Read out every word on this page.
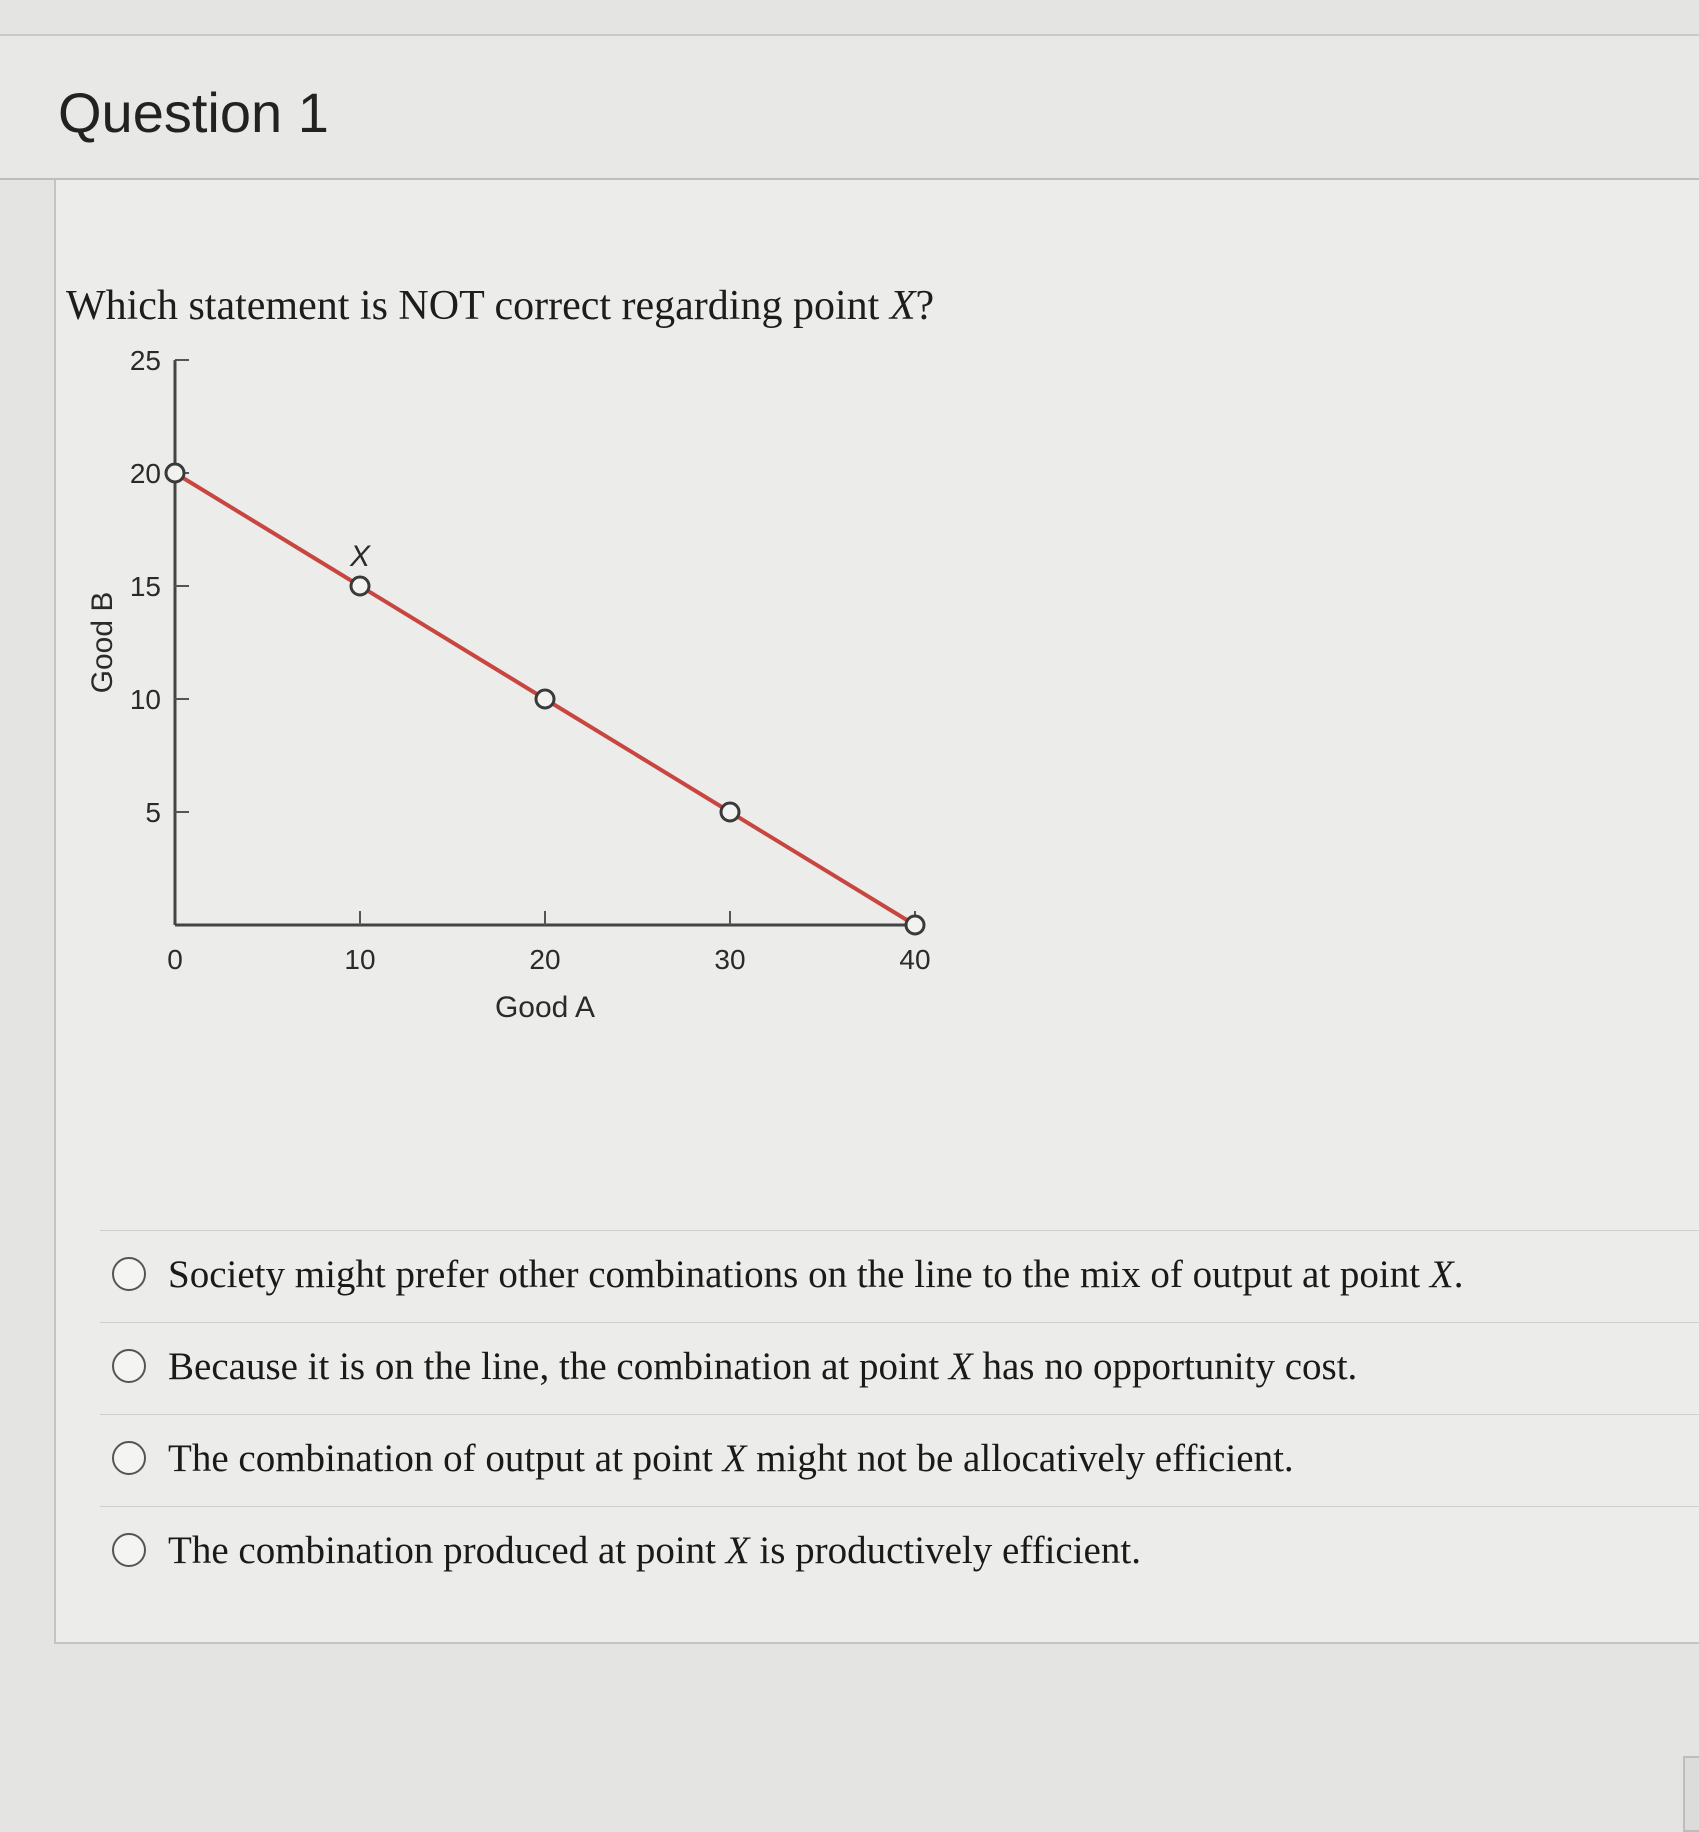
Question 1
Which statement is NOT correct regarding point X?
5
10
15
20
25
0	10	20	30	40
Good A
Good B
X
Society might prefer other combinations on the line to the mix of output at point X.
Because it is on the line, the combination at point X has no opportunity cost.
The combination of output at point X might not be allocatively efficient.
The combination produced at point X is productively efficient.
